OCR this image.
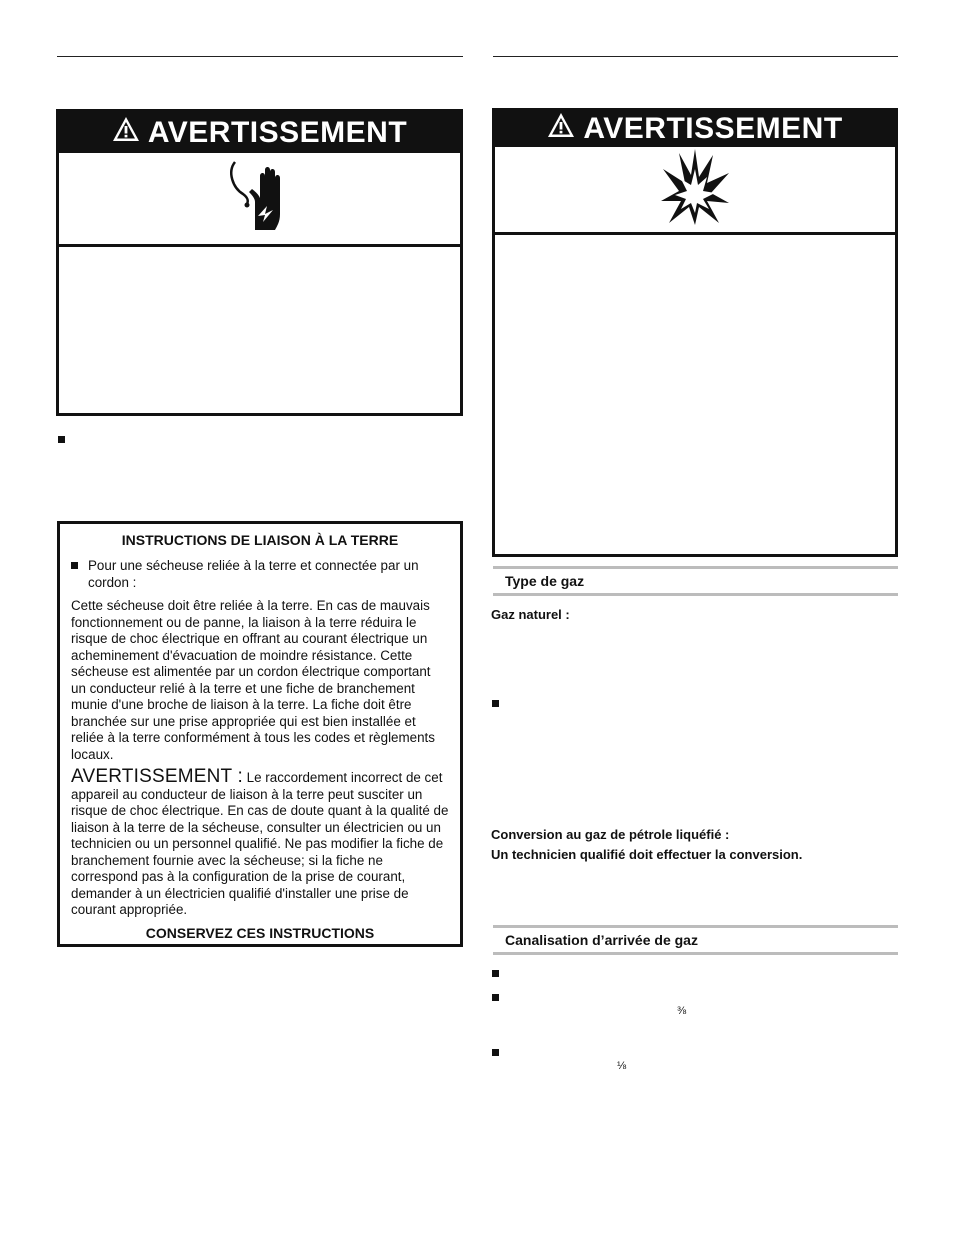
AVERTISSEMENT
INSTRUCTIONS DE LIAISON À LA TERRE
Pour une sécheuse reliée à la terre et connectée par un cordon :
Cette sécheuse doit être reliée à la terre. En cas de mauvais fonctionnement ou de panne, la liaison à la terre réduira le risque de choc électrique en offrant au courant électrique un acheminement d'évacuation de moindre résistance. Cette sécheuse est alimentée par un cordon électrique comportant un conducteur relié à la terre et une fiche de branchement munie d'une broche de liaison à la terre. La fiche doit être branchée sur une prise appropriée qui est bien installée et reliée à la terre conformément à tous les codes et règlements locaux.
AVERTISSEMENT : Le raccordement incorrect de cet appareil au conducteur de liaison à la terre peut susciter un risque de choc électrique. En cas de doute quant à la qualité de liaison à la terre de la sécheuse, consulter un électricien ou un technicien ou un personnel qualifié. Ne pas modifier la fiche de branchement fournie avec la sécheuse; si la fiche ne correspond pas à la configuration de la prise de courant, demander à un électricien qualifié d'installer une prise de courant appropriée.
CONSERVEZ CES INSTRUCTIONS
AVERTISSEMENT
Type de gaz
Gaz naturel :
Conversion au gaz de pétrole liquéfié :
Un technicien qualifié doit effectuer la conversion.
Canalisation d’arrivée de gaz
⅜
⅛
